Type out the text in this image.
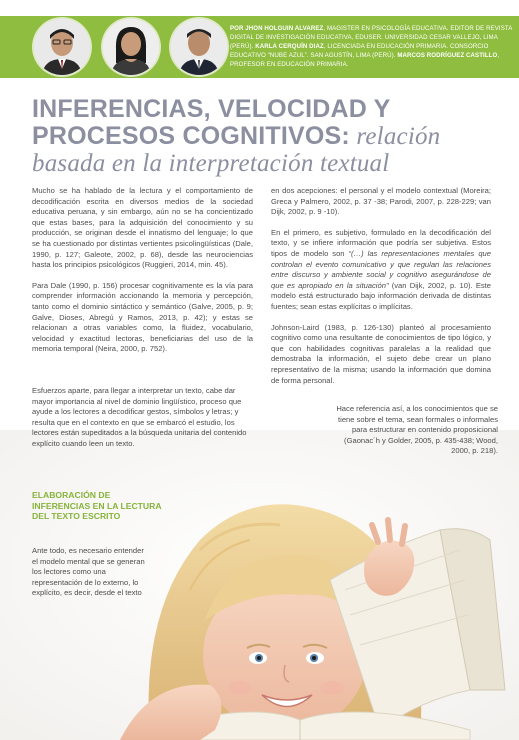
POR JHON HOLGUIN ALVAREZ, MAGISTER EN PSICOLOGÍA EDUCATIVA. EDITOR DE REVISTA DIGITAL DE INVESTIGACIÓN EDUCATIVA, EDUSER. UNIVERSIDAD CESAR VALLEJO, LIMA (PERÚ). KARLA CERQUÍN DIAZ, LICENCIADA EN EDUCACIÓN PRIMARIA. CONSORCIO EDUCATIVO “NUBE AZUL”. SAN AGUSTÍN, LIMA (PERÚ). MARCOS RODRÍGUEZ CASTILLO, PROFESOR EN EDUCACIÓN PRIMARIA.
INFERENCIAS, VELOCIDAD Y PROCESOS COGNITIVOS: relación basada en la interpretación textual

Mucho se ha hablado de la lectura y el comportamiento de decodificación escrita en diversos medios de la sociedad educativa peruana, y sin embargo, aún no se ha concientizado que estas bases, para la adquisición del conocimiento y su producción, se originan desde el innatismo del lenguaje; lo que se ha cuestionado por distintas vertientes psicolingüísticas (Dale, 1990, p. 127; Galeote, 2002, p. 68), desde las neurociencias hasta los principios psicológicos (Ruggieri, 2014, min. 45).

Para Dale (1990, p. 156) procesar cognitivamente es la vía para comprender información accionando la memoria y percepción, tanto como el dominio sintáctico y semántico (Galve, 2005, p. 9; Galve, Dioses, Abregú y Ramos, 2013, p. 42); y estas se relacionan a otras variables como, la fluidez, vocabulario, velocidad y exactitud lectoras, beneficiarias del uso de la memoria temporal (Neira, 2000, p. 752).

Esfuerzos aparte, para llegar a interpretar un texto, cabe dar mayor importancia al nivel de dominio lingüístico, proceso que ayude a los lectores a decodificar gestos, símbolos y letras; y resulta que en el contexto en que se embarcó el estudio, los lectores están supeditados a la búsqueda unitaria del contenido explícito cuando leen un texto.

en dos acepciones: el personal y el modelo contextual (Moreira; Greca y Palmero, 2002, p. 37 -38; Parodi, 2007, p. 228-229; van Dijk, 2002, p. 9 -10).

En el primero, es subjetivo, formulado en la decodificación del texto, y se infiere información que podría ser subjetiva. Estos tipos de modelo son “(…) las representaciones mentales que controlan el evento comunicativo y que regulan las relaciones entre discurso y ambiente social y cognitivo asegurándose de que es apropiado en la situación” (van Dijk, 2002, p. 10). Este modelo está estructurado bajo información derivada de distintas fuentes; sean estas explícitas o implícitas.

Johnson-Laird (1983, p. 126-130) planteó al procesamiento cognitivo como una resultante de conocimientos de tipo lógico, y que con habilidades cognitivas paralelas a la realidad que demostraba la información, el sujeto debe crear un plano representativo de la misma; usando la información que domina de forma personal.

Hace referencia así, a los conocimientos que se tiene sobre el tema, sean formales o informales para estructurar en contenido proposicional (Gaonac´h y Golder, 2005, p. 435-438; Wood, 2000, p. 218).

ELABORACIÓN DE INFERENCIAS EN LA LECTURA DEL TEXTO ESCRITO

Ante todo, es necesario entender el modelo mental que se generan los lectores como una representación de lo externo, lo explícito, es decir, desde el texto
